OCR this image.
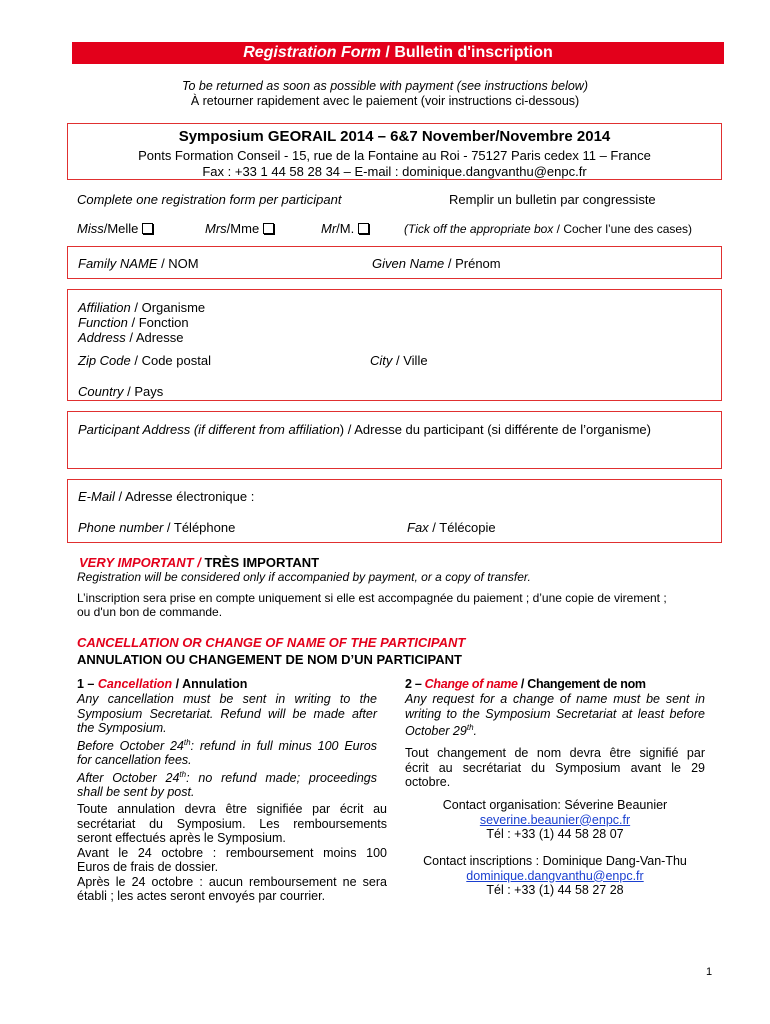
Registration Form / Bulletin d'inscription
To be returned as soon as possible with payment (see instructions below)
À retourner rapidement avec le paiement (voir instructions ci-dessous)
Symposium GEORAIL 2014 – 6&7 November/Novembre 2014
Ponts Formation Conseil - 15, rue de la Fontaine au Roi - 75127 Paris cedex 11 – France
Fax : +33 1 44 58 28 34 – E-mail : dominique.dangvanthu@enpc.fr
Complete one registration form per participant	Remplir un bulletin par congressiste
Miss/Melle	Mrs/Mme	Mr/M.	(Tick off the appropriate box / Cocher l’une des cases)
Family NAME / NOM	Given Name / Prénom
Affiliation / Organisme
Function / Fonction
Address / Adresse
Zip Code / Code postal	City / Ville
Country / Pays
Participant Address (if different from affiliation) / Adresse du participant (si différente de l’organisme)
E-Mail / Adresse électronique :
Phone number / Téléphone	Fax / Télécopie
VERY IMPORTANT / TRÈS IMPORTANT
Registration will be considered only if accompanied by payment, or a copy of transfer.
L’inscription sera prise en compte uniquement si elle est accompagnée du paiement ; d’une copie de virement ;
ou d'un bon de commande.
CANCELLATION OR CHANGE OF NAME OF THE PARTICIPANT
ANNULATION OU CHANGEMENT DE NOM D’UN PARTICIPANT
1 – Cancellation / Annulation
Any cancellation must be sent in writing to the
Symposium Secretariat. Refund will be made after
the Symposium.
Before October 24th: refund in full minus 100 Euros
for cancellation fees.
After October 24th: no refund made; proceedings
shall be sent by post.
Toute annulation devra être signifiée par écrit au
secrétariat du Symposium. Les remboursements
seront effectués après le Symposium.
Avant le 24 octobre : remboursement moins 100
Euros de frais de dossier.
Après le 24 octobre : aucun remboursement ne sera
établi ; les actes seront envoyés par courrier.
2 – Change of name / Changement de nom
Any request for a change of name must be sent in
writing to the Symposium Secretariat at least before
October 29th.
Tout changement de nom devra être signifié par
écrit au secrétariat du Symposium avant le 29
octobre.
Contact organisation: Séverine Beaunier
severine.beaunier@enpc.fr
Tél : +33 (1) 44 58 28 07
Contact inscriptions : Dominique Dang-Van-Thu
dominique.dangvanthu@enpc.fr
Tél : +33 (1) 44 58 27 28
1
